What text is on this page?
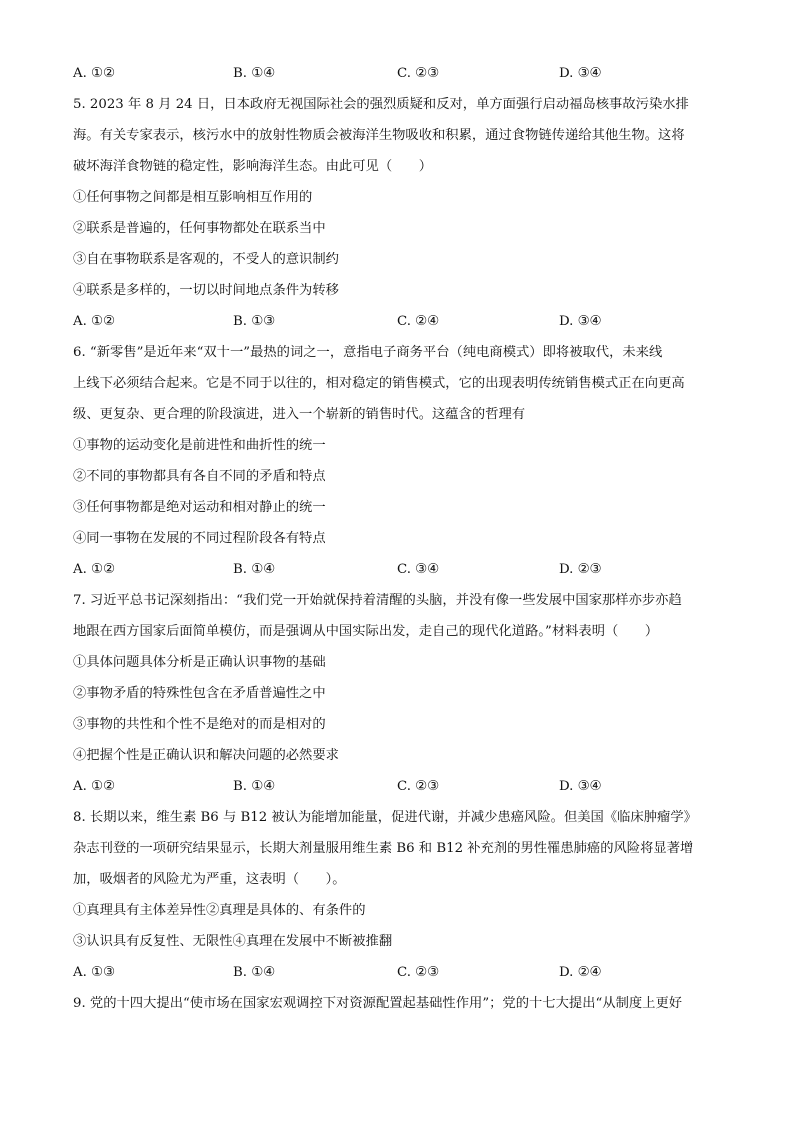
A. ①②	B. ①④	C. ②③	D. ③④
5. 2023 年 8 月 24 日，日本政府无视国际社会的强烈质疑和反对，单方面强行启动福岛核事故污染水排
海。有关专家表示，核污水中的放射性物质会被海洋生物吸收和积累，通过食物链传递给其他生物。这将
破坏海洋食物链的稳定性，影响海洋生态。由此可见（　　）
①任何事物之间都是相互影响相互作用的
②联系是普遍的，任何事物都处在联系当中
③自在事物联系是客观的，不受人的意识制约
④联系是多样的，一切以时间地点条件为转移
A. ①②	B. ①③	C. ②④	D. ③④
6. “新零售”是近年来“双十一”最热的词之一，意指电子商务平台（纯电商模式）即将被取代，未来线
上线下必须结合起来。它是不同于以往的，相对稳定的销售模式，它的出现表明传统销售模式正在向更高
级、更复杂、更合理的阶段演进，进入一个崭新的销售时代。这蕴含的哲理有
①事物的运动变化是前进性和曲折性的统一
②不同的事物都具有各自不同的矛盾和特点
③任何事物都是绝对运动和相对静止的统一
④同一事物在发展的不同过程阶段各有特点
A. ①②	B. ①④	C. ③④	D. ②③
7. 习近平总书记深刻指出：“我们党一开始就保持着清醒的头脑，并没有像一些发展中国家那样亦步亦趋
地跟在西方国家后面简单模仿，而是强调从中国实际出发，走自己的现代化道路。”材料表明（　　）
①具体问题具体分析是正确认识事物的基础
②事物矛盾的特殊性包含在矛盾普遍性之中
③事物的共性和个性不是绝对的而是相对的
④把握个性是正确认识和解决问题的必然要求
A. ①②	B. ①④	C. ②③	D. ③④
8. 长期以来，维生素 B6 与 B12 被认为能增加能量，促进代谢，并减少患癌风险。但美国《临床肿瘤学》
杂志刊登的一项研究结果显示，长期大剂量服用维生素 B6 和 B12 补充剂的男性罹患肺癌的风险将显著增
加，吸烟者的风险尤为严重，这表明（　　）。
①真理具有主体差异性②真理是具体的、有条件的
③认识具有反复性、无限性④真理在发展中不断被推翻
A. ①③	B. ①④	C. ②③	D. ②④
9. 党的十四大提出“使市场在国家宏观调控下对资源配置起基础性作用”；党的十七大提出“从制度上更好
